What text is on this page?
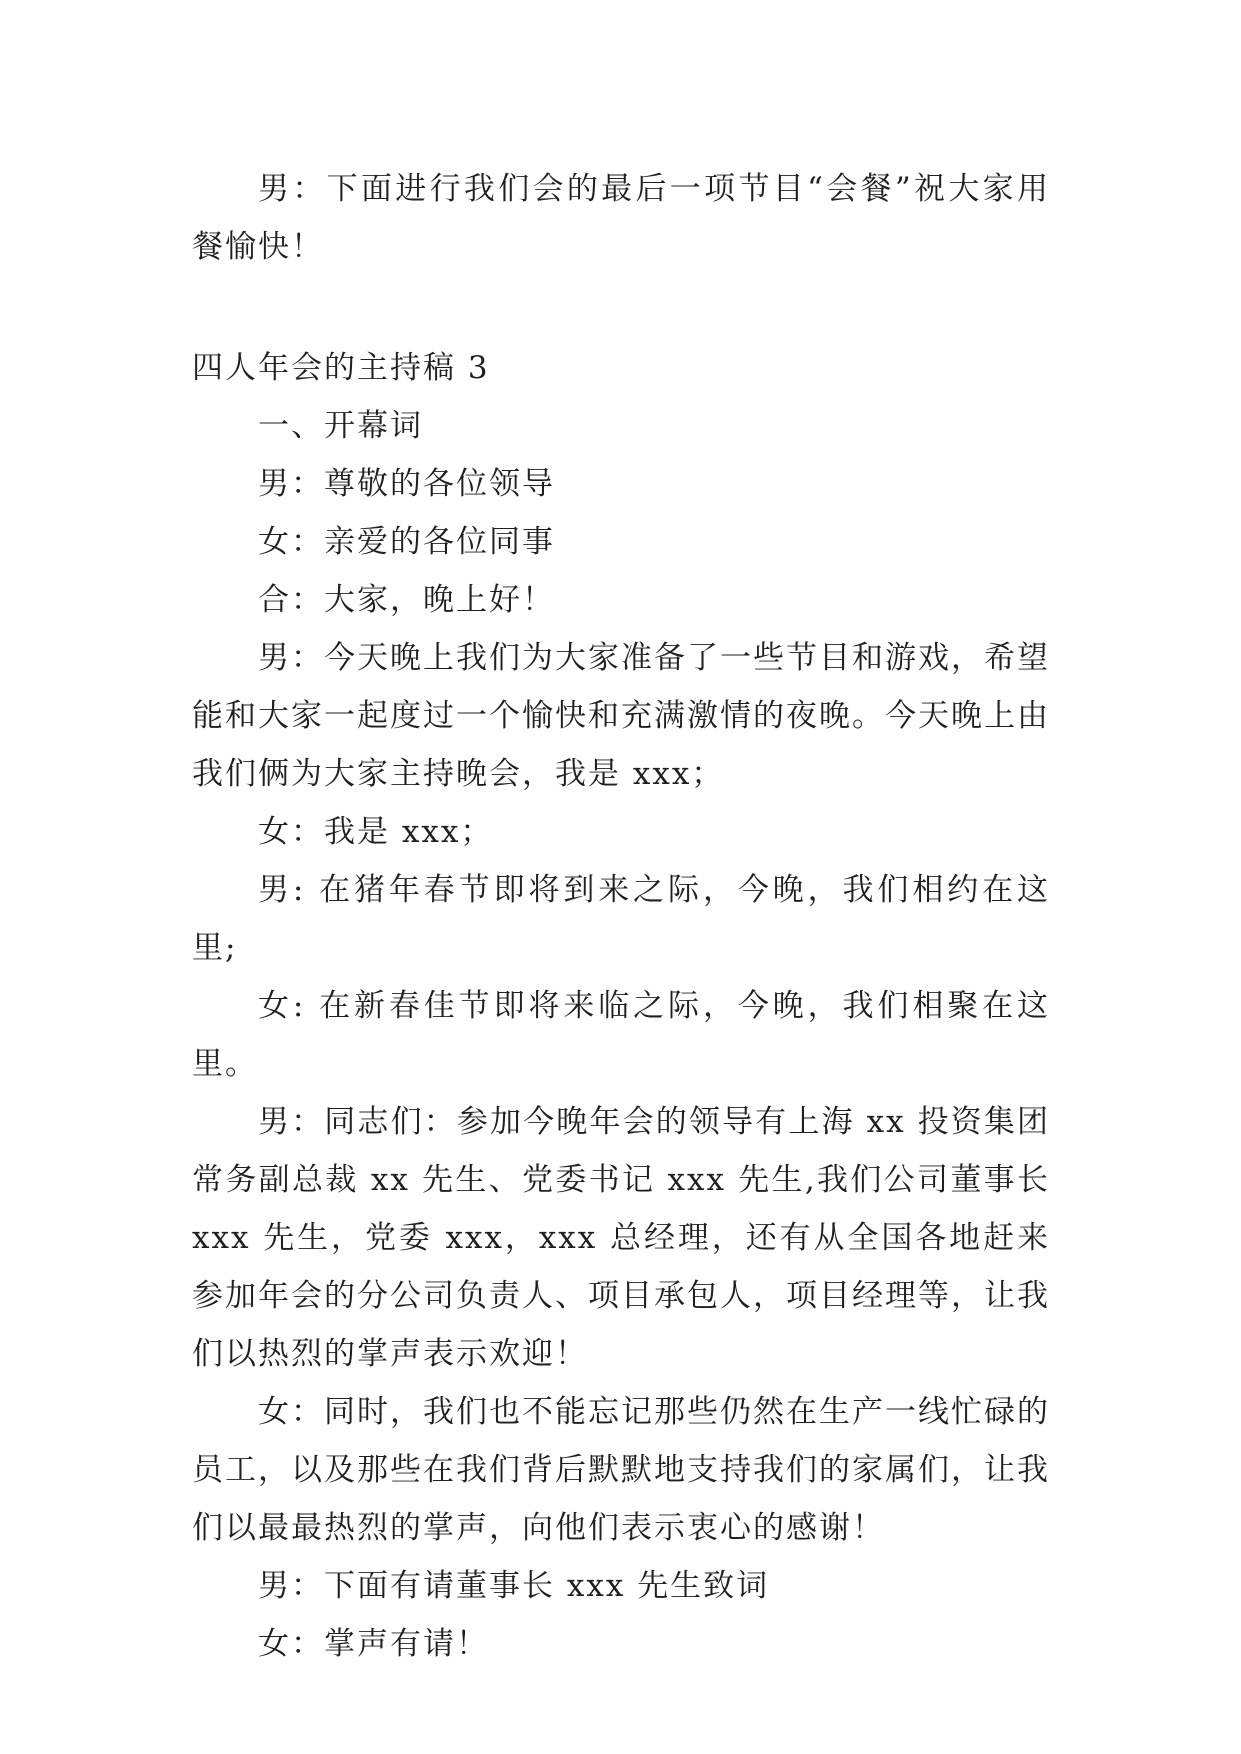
男：下面进行我们会的最后一项节目“会餐”祝大家用餐愉快！

四人年会的主持稿 3

一、开幕词

男：尊敬的各位领导

女：亲爱的各位同事

合：大家，晚上好！

男：今天晚上我们为大家准备了一些节目和游戏，希望能和大家一起度过一个愉快和充满激情的夜晚。今天晚上由我们俩为大家主持晚会，我是 xxx；

女：我是 xxx；

男: 在猪年春节即将到来之际，今晚，我们相约在这里;

女: 在新春佳节即将来临之际，今晚，我们相聚在这里。

男：同志们：参加今晚年会的领导有上海 xx 投资集团常务副总裁 xx 先生、党委书记 xxx 先生,我们公司董事长 xxx 先生，党委 xxx，xxx 总经理，还有从全国各地赶来参加年会的分公司负责人、项目承包人，项目经理等，让我们以热烈的掌声表示欢迎！

女：同时，我们也不能忘记那些仍然在生产一线忙碌的员工，以及那些在我们背后默默地支持我们的家属们，让我们以最最热烈的掌声，向他们表示衷心的感谢！

男：下面有请董事长 xxx 先生致词

女：掌声有请！
